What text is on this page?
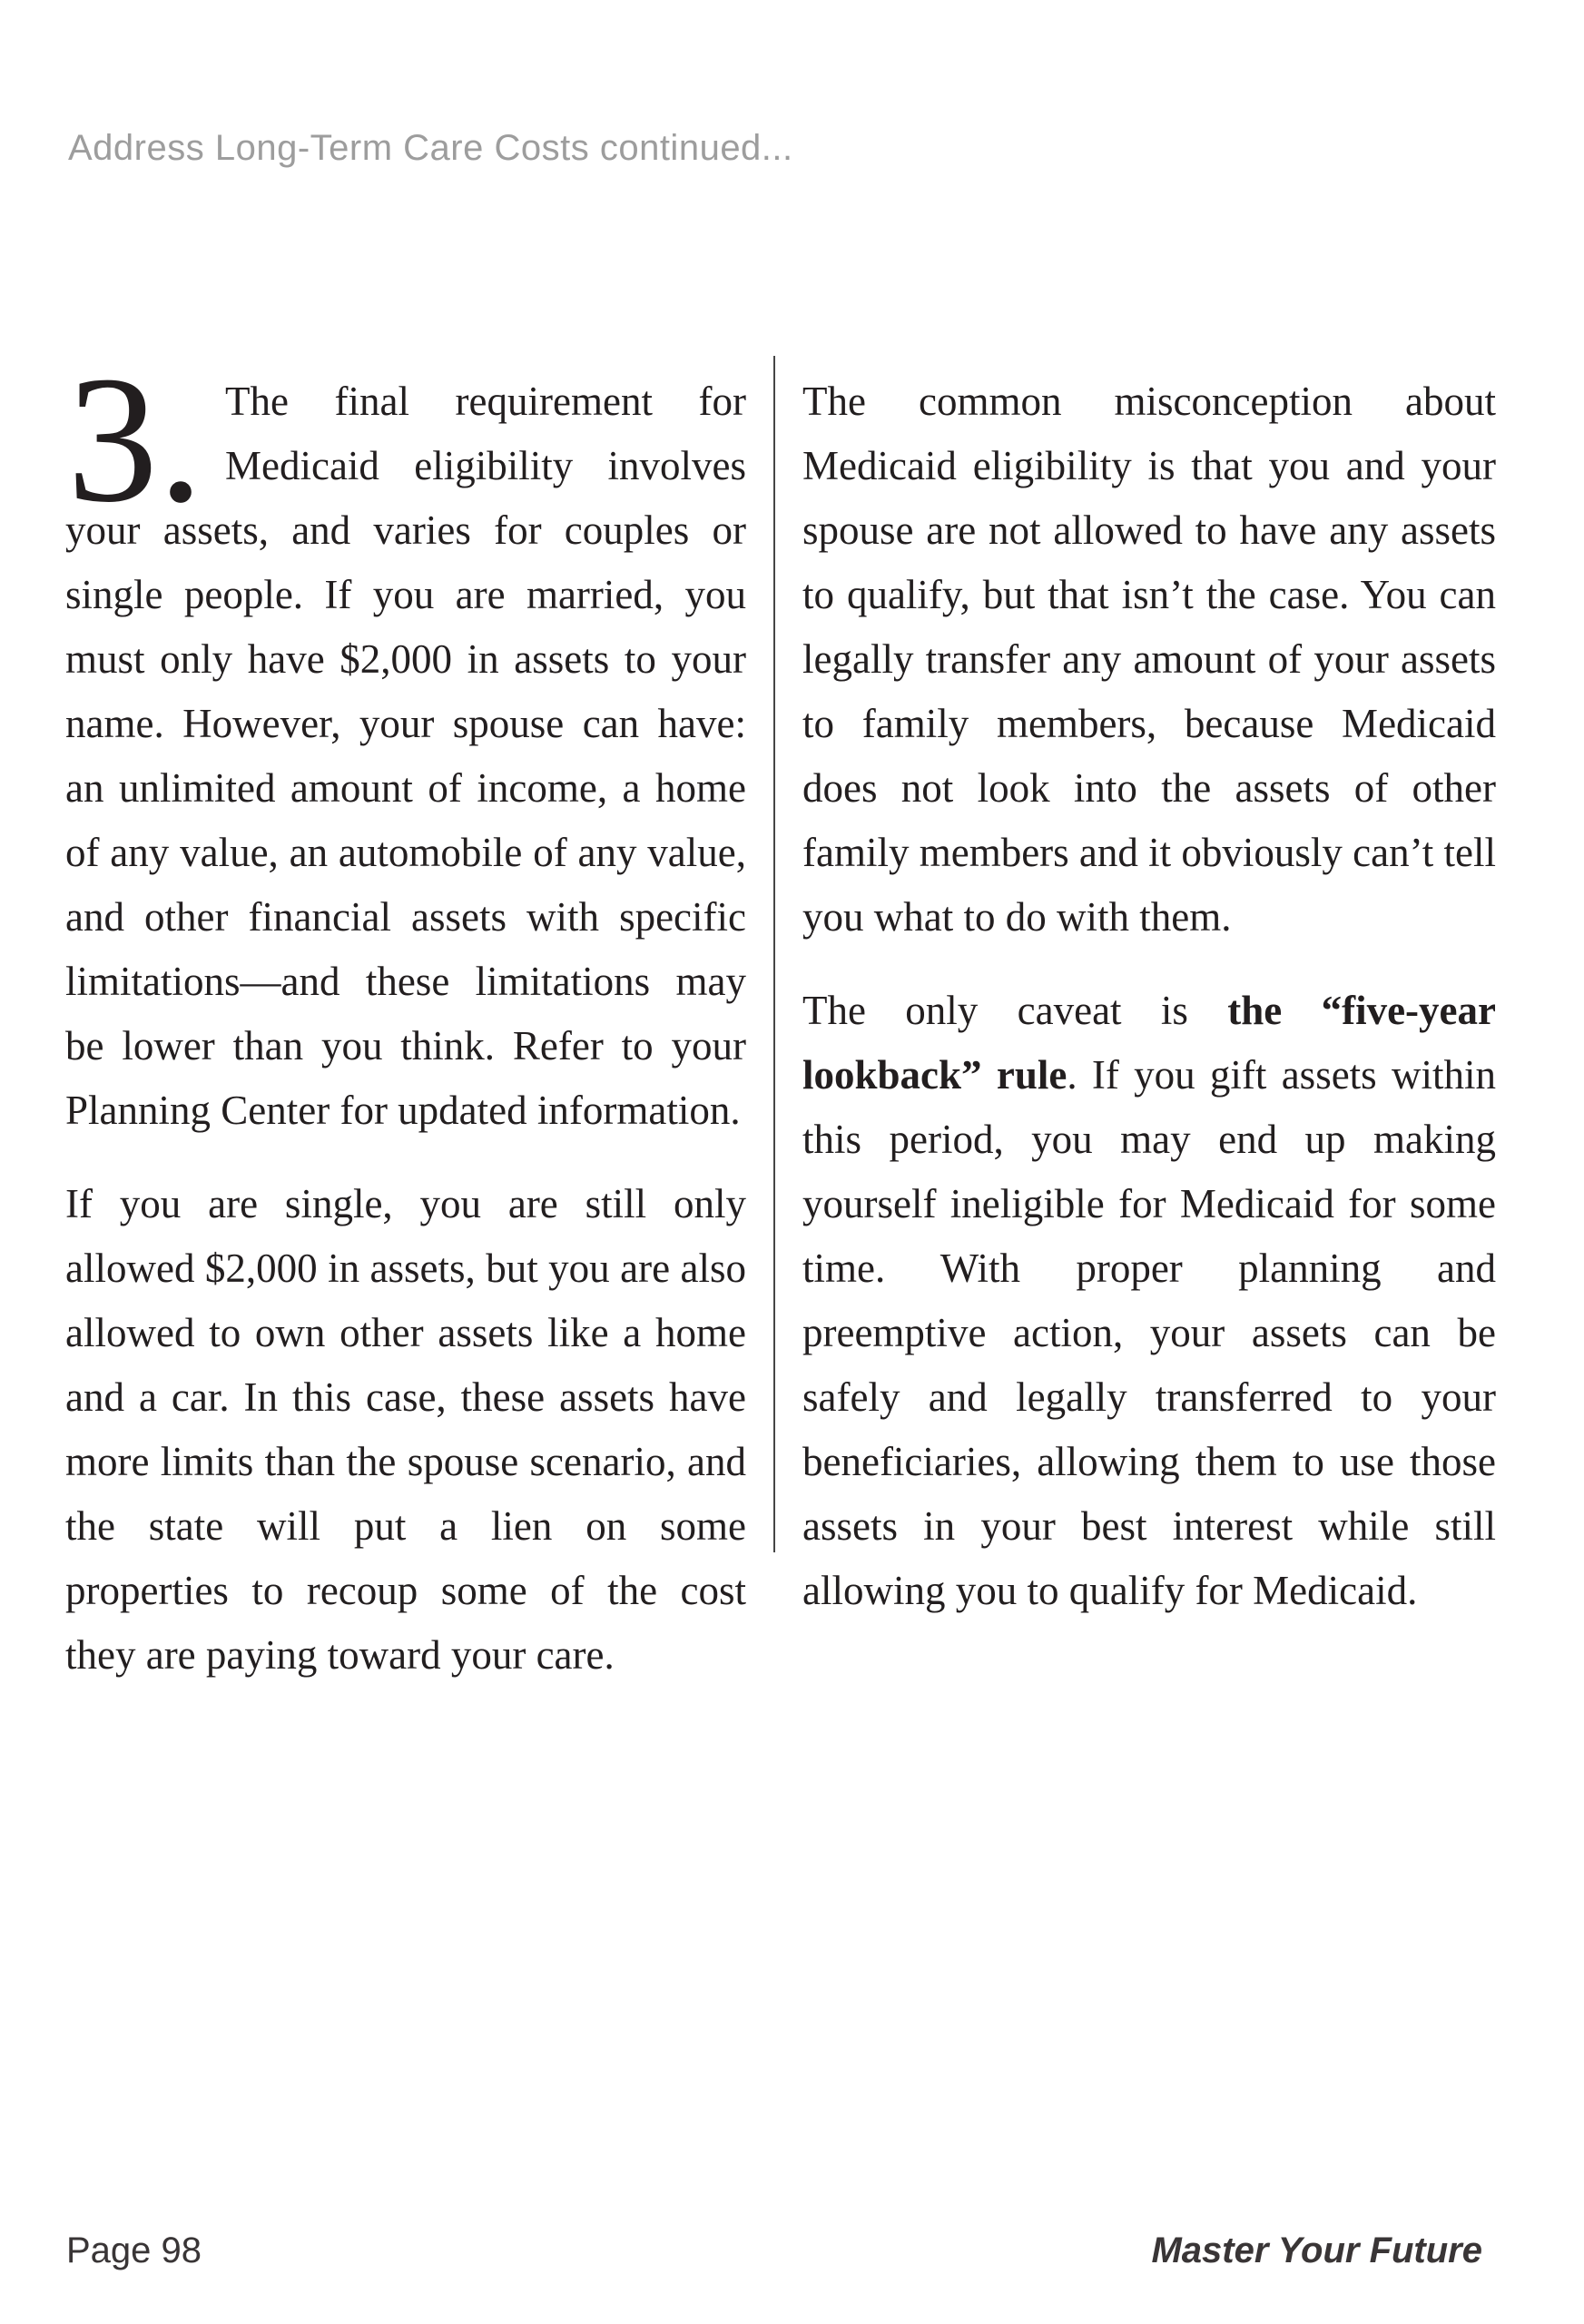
Address Long-Term Care Costs continued...

3. The final requirement for Medicaid eligibility involves your assets, and varies for couples or single people. If you are married, you must only have $2,000 in assets to your name. However, your spouse can have: an unlimited amount of income, a home of any value, an automobile of any value, and other financial assets with specific limitations—and these limitations may be lower than you think. Refer to your Planning Center for updated information.

If you are single, you are still only allowed $2,000 in assets, but you are also allowed to own other assets like a home and a car. In this case, these assets have more limits than the spouse scenario, and the state will put a lien on some properties to recoup some of the cost they are paying toward your care.

The common misconception about Medicaid eligibility is that you and your spouse are not allowed to have any assets to qualify, but that isn’t the case. You can legally transfer any amount of your assets to family members, because Medicaid does not look into the assets of other family members and it obviously can’t tell you what to do with them.

The only caveat is the “five-year lookback” rule. If you gift assets within this period, you may end up making yourself ineligible for Medicaid for some time. With proper planning and preemptive action, your assets can be safely and legally transferred to your beneficiaries, allowing them to use those assets in your best interest while still allowing you to qualify for Medicaid.

Page 98	Master Your Future
